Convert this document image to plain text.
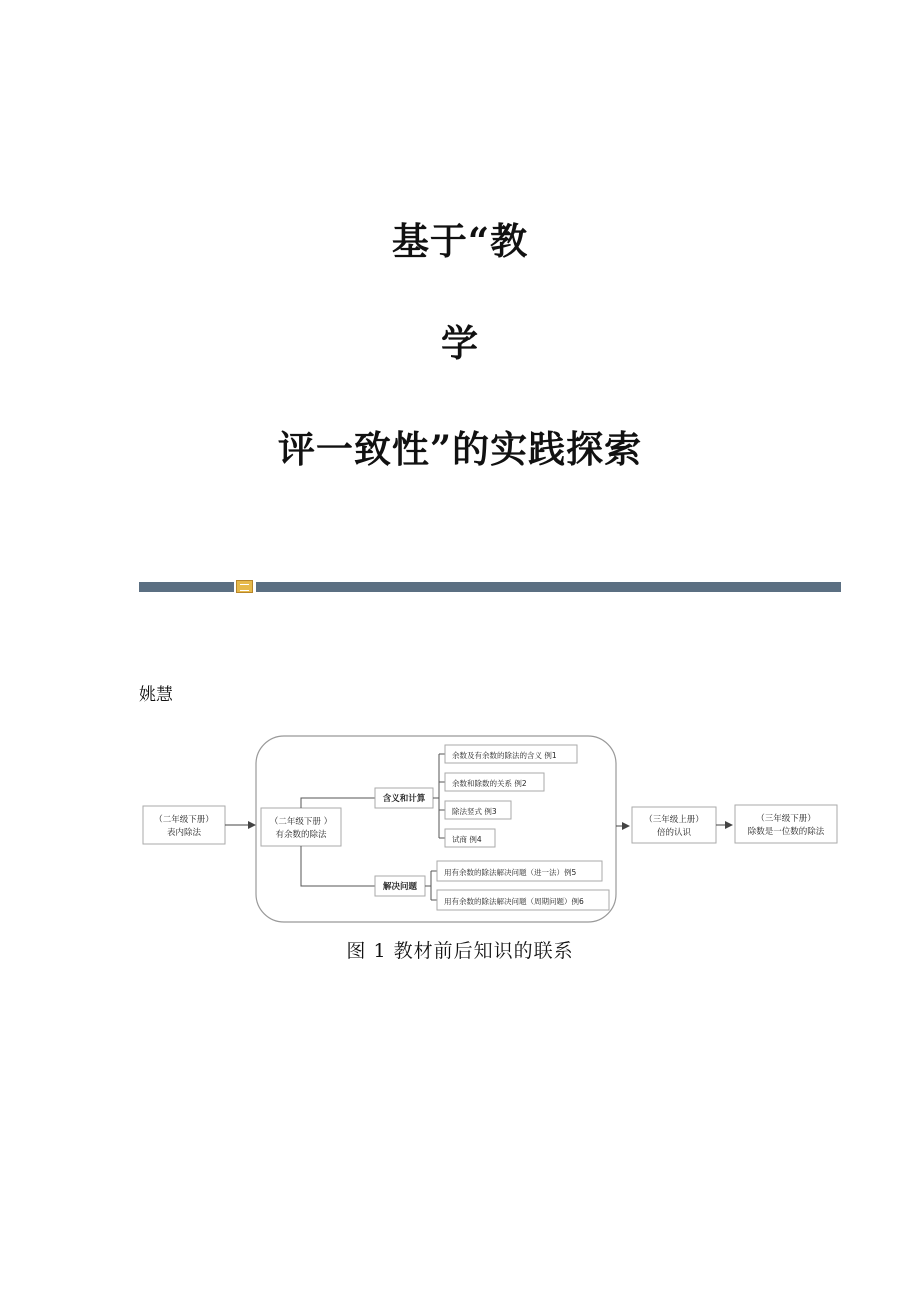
基于“教
学
评一致性”的实践探索
姚慧
（二年级下册）
表内除法
（二年级下册 ）
有余数的除法
含义和计算
解决问题
余数及有余数的除法的含义 例1
余数和除数的关系 例2
除法竖式 例3
试商 例4
用有余数的除法解决问题（进一法）例5
用有余数的除法解决问题（周期问题）例6
（三年级上册）
倍的认识
（三年级下册）
除数是一位数的除法
图 1 教材前后知识的联系
